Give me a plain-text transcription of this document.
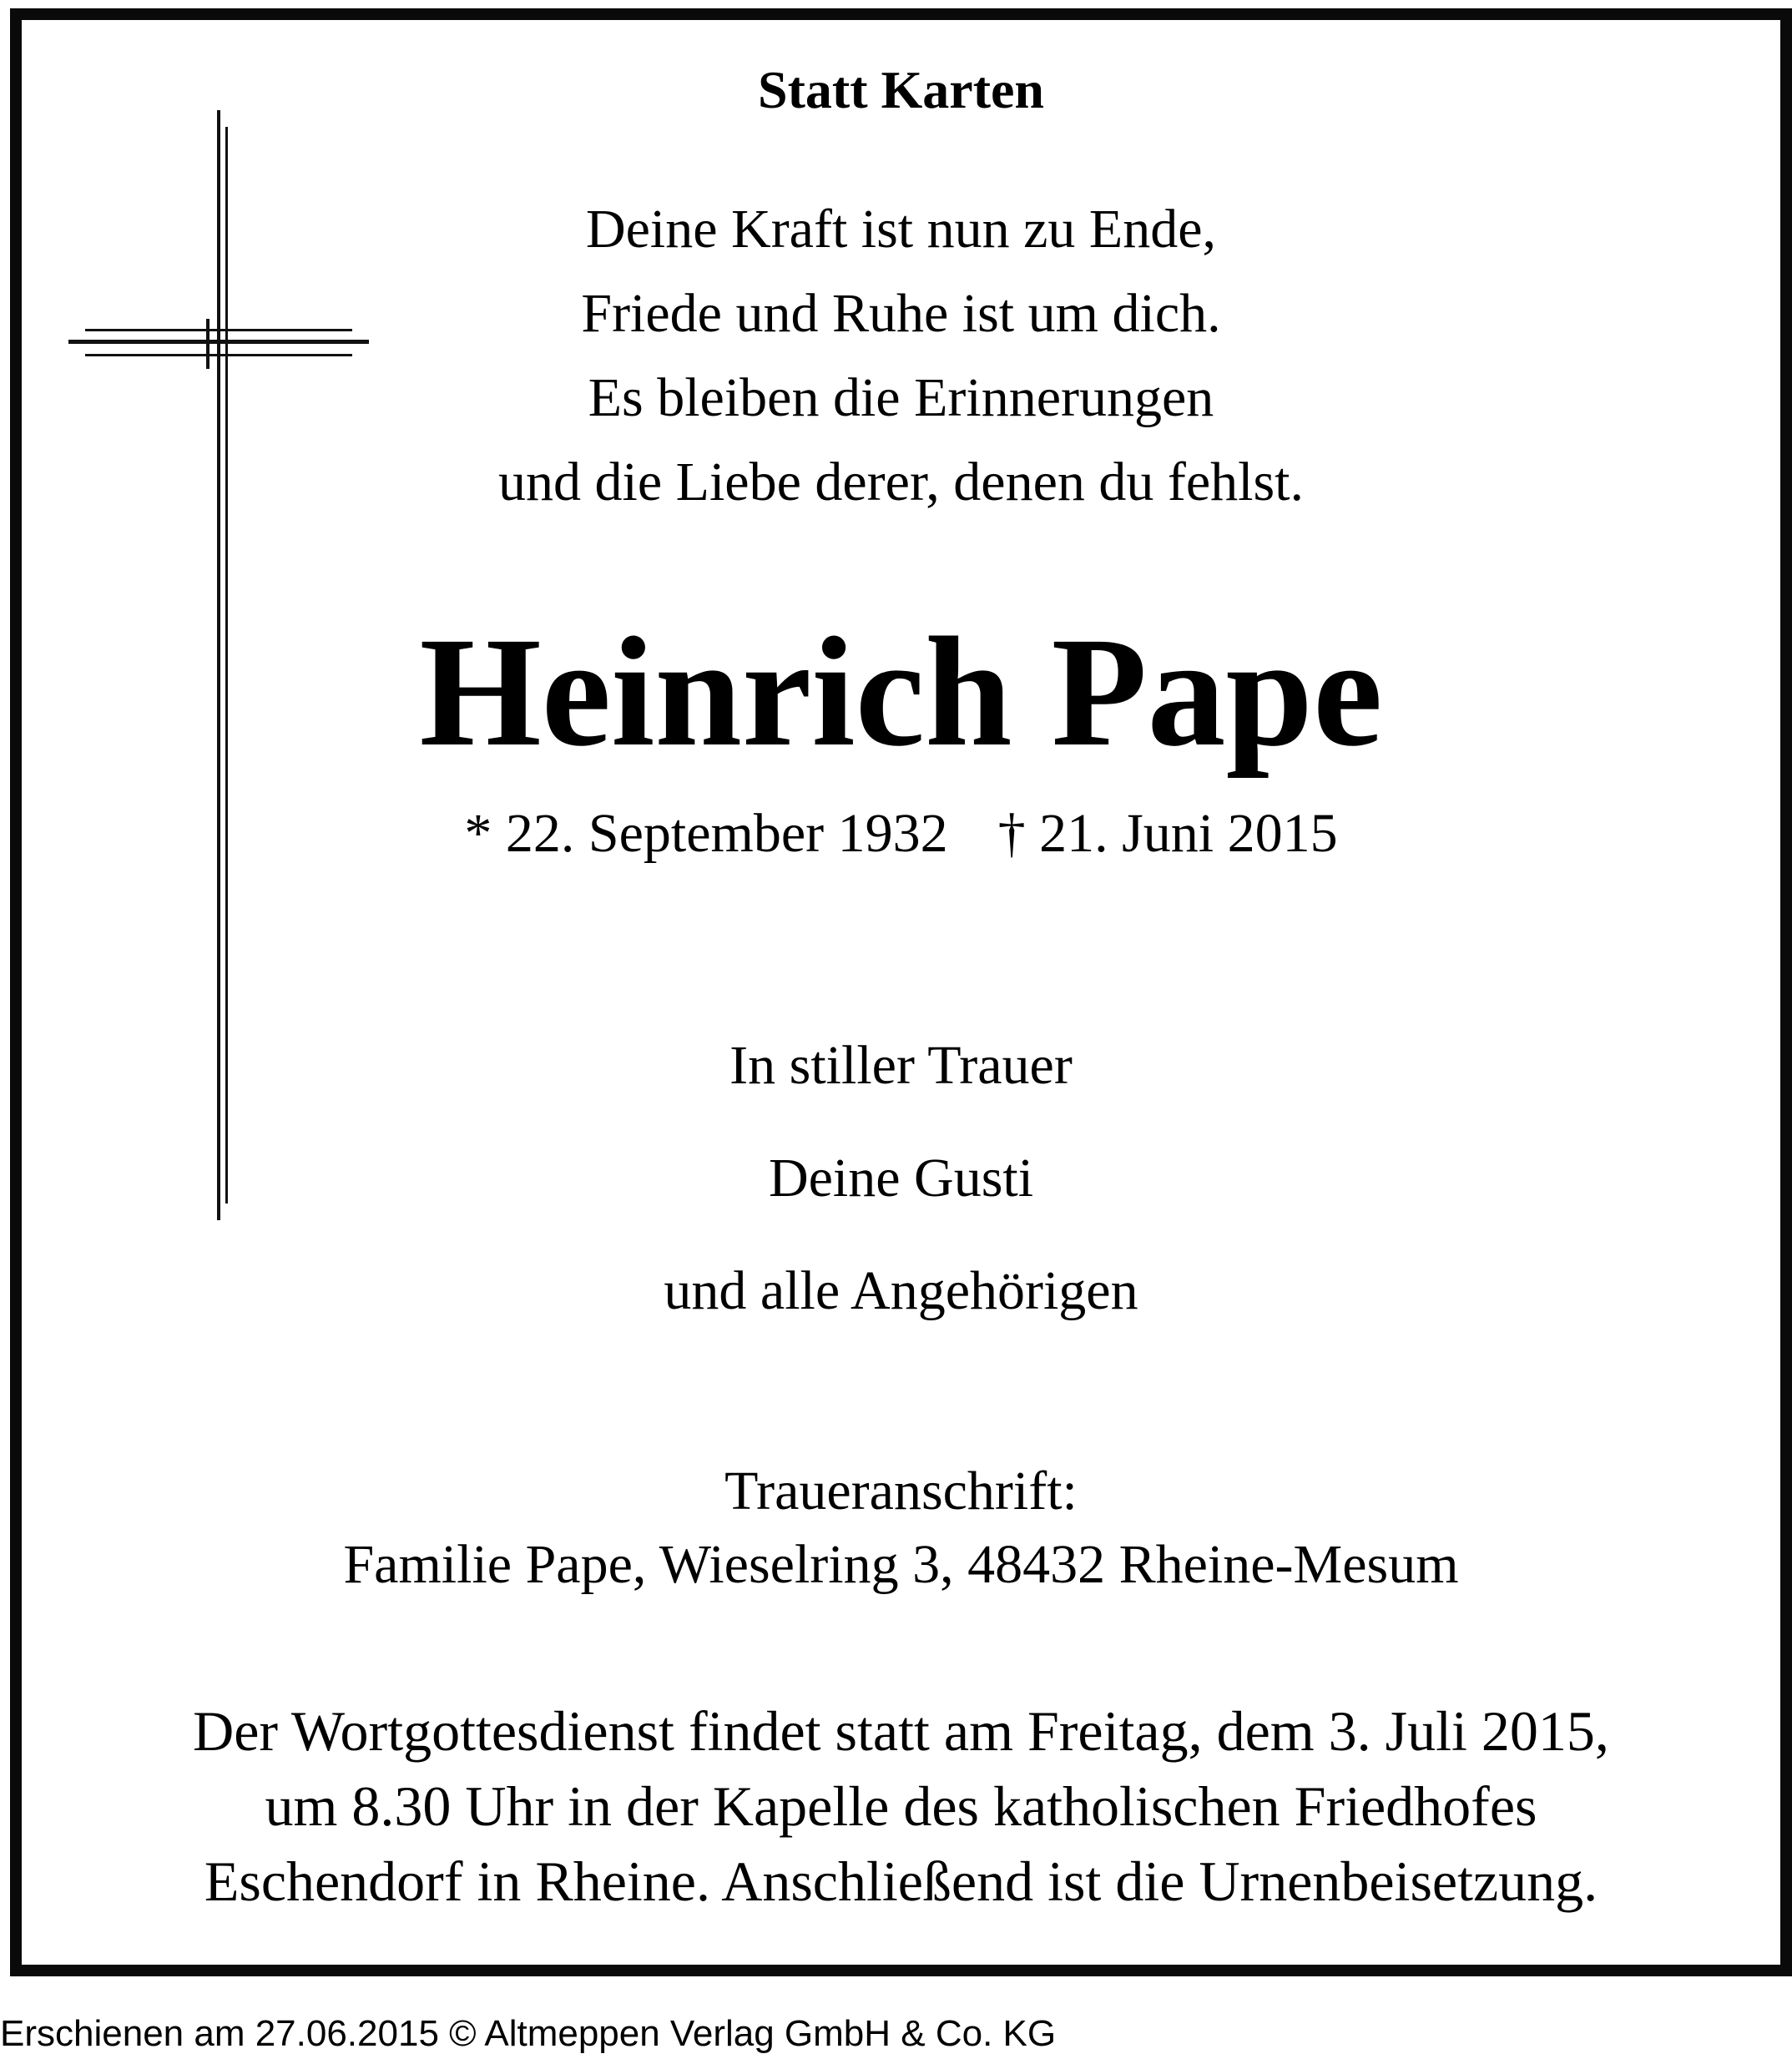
Statt Karten
Deine Kraft ist nun zu Ende,
Friede und Ruhe ist um dich.
Es bleiben die Erinnerungen
und die Liebe derer, denen du fehlst.
Heinrich Pape
* 22. September 1932 † 21. Juni 2015
In stiller Trauer
Deine Gusti
und alle Angehörigen
Traueranschrift:
Familie Pape, Wieselring 3, 48432 Rheine-Mesum
Der Wortgottesdienst findet statt am Freitag, dem 3. Juli 2015,
um 8.30 Uhr in der Kapelle des katholischen Friedhofes
Eschendorf in Rheine. Anschließend ist die Urnenbeisetzung.
Erschienen am 27.06.2015 © Altmeppen Verlag GmbH & Co. KG
